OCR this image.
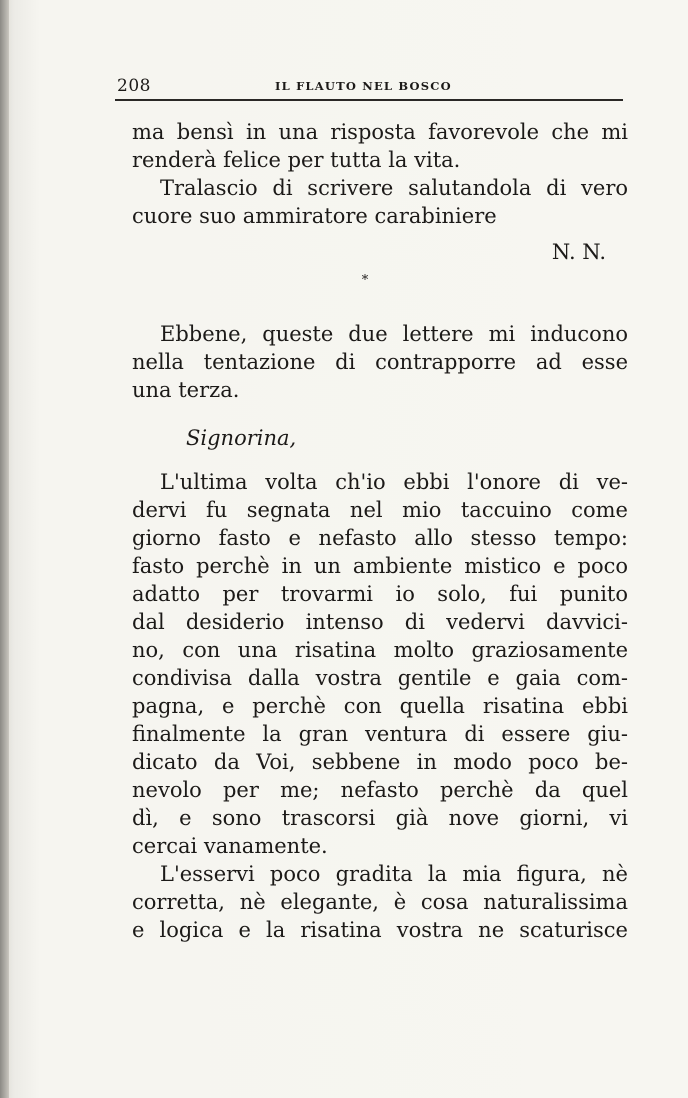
208	IL FLAUTO NEL BOSCO
ma bensì in una risposta favorevole che mi
renderà felice per tutta la vita.
Tralascio di scrivere salutandola di vero
cuore suo ammiratore carabiniere
N. N.
*
Ebbene, queste due lettere mi inducono
nella tentazione di contrapporre ad esse
una terza.
Signorina,
L'ultima volta ch'io ebbi l'onore di ve-
dervi fu segnata nel mio taccuino come
giorno fasto e nefasto allo stesso tempo:
fasto perchè in un ambiente mistico e poco
adatto per trovarmi io solo, fui punito
dal desiderio intenso di vedervi davvici-
no, con una risatina molto graziosamente
condivisa dalla vostra gentile e gaia com-
pagna, e perchè con quella risatina ebbi
finalmente la gran ventura di essere giu-
dicato da Voi, sebbene in modo poco be-
nevolo per me; nefasto perchè da quel
dì, e sono trascorsi già nove giorni, vi
cercai vanamente.
L'esservi poco gradita la mia figura, nè
corretta, nè elegante, è cosa naturalissima
e logica e la risatina vostra ne scaturisce
